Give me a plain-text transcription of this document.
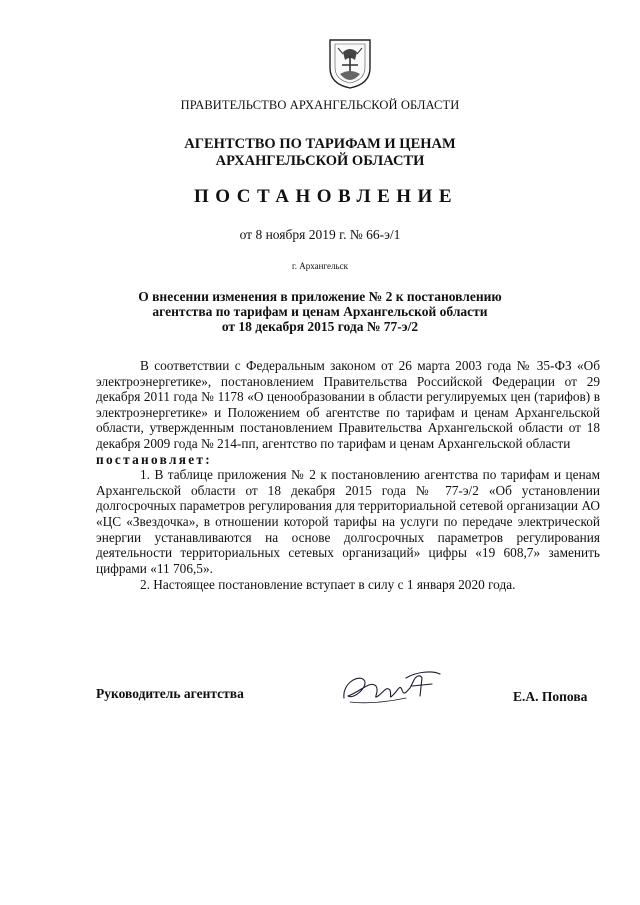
ПРАВИТЕЛЬСТВО АРХАНГЕЛЬСКОЙ ОБЛАСТИ
АГЕНТСТВО ПО ТАРИФАМ И ЦЕНАМ
АРХАНГЕЛЬСКОЙ ОБЛАСТИ
ПОСТАНОВЛЕНИЕ
от 8 ноября 2019 г. № 66-э/1
г. Архангельск
О внесении изменения в приложение № 2 к постановлению
агентства по тарифам и ценам Архангельской области
от 18 декабря 2015 года № 77-э/2

В соответствии с Федеральным законом от 26 марта 2003 года № 35-ФЗ «Об электроэнергетике», постановлением Правительства Российской Федерации от 29 декабря 2011 года № 1178 «О ценообразовании в области регулируемых цен (тарифов) в электроэнергетике» и Положением об агентстве по тарифам и ценам Архангельской области, утвержденным постановлением Правительства Архангельской области от 18 декабря 2009 года № 214-пп, агентство по тарифам и ценам Архангельской области

постановляет:

1. В таблице приложения № 2 к постановлению агентства по тарифам и ценам Архангельской области от 18 декабря 2015 года № 77-э/2 «Об установлении долгосрочных параметров регулирования для территориальной сетевой организации АО «ЦС «Звездочка», в отношении которой тарифы на услуги по передаче электрической энергии устанавливаются на основе долгосрочных параметров регулирования деятельности территориальных сетевых организаций» цифры «19 608,7» заменить цифрами «11 706,5».

2. Настоящее постановление вступает в силу с 1 января 2020 года.

Руководитель агентства	Е.А. Попова
